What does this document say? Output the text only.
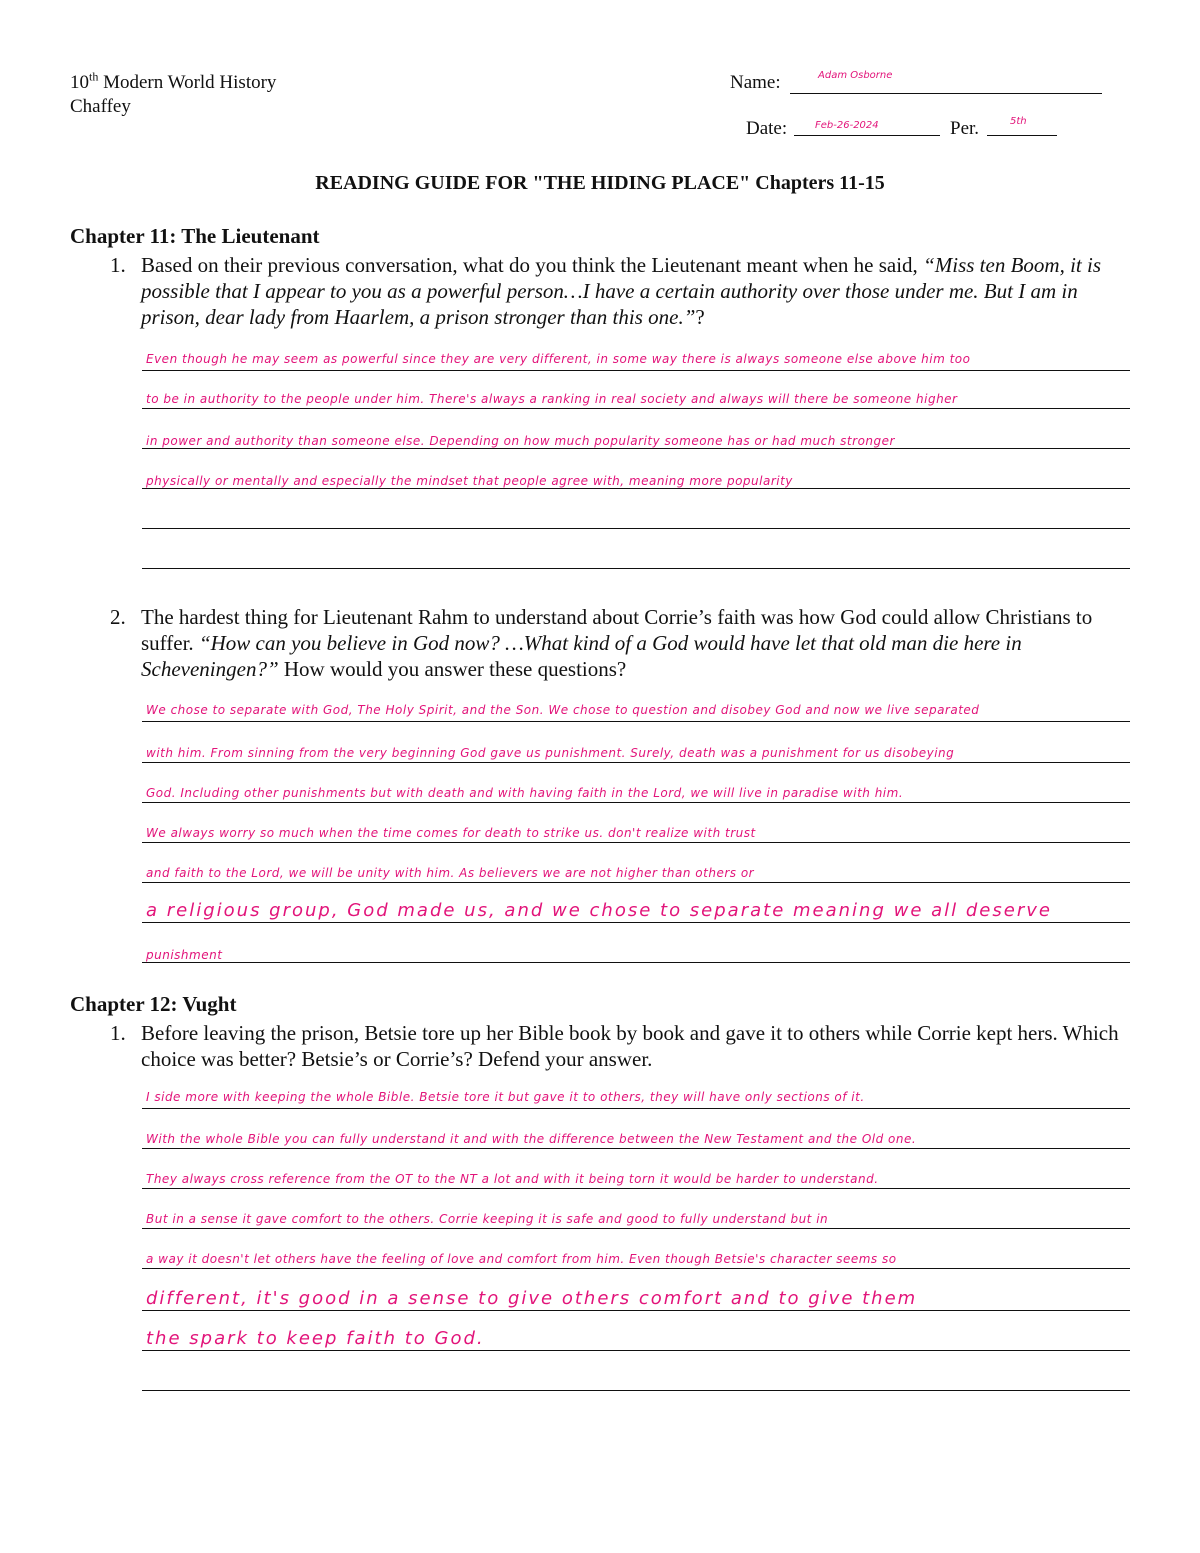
10th Modern World History
Chaffey
Name:	Adam Osborne
Date:	Feb-26-2024	Per.	5th
READING GUIDE FOR "THE HIDING PLACE" Chapters 11-15
Chapter 11: The Lieutenant
1. Based on their previous conversation, what do you think the Lieutenant meant when he said, “Miss ten Boom, it is possible that I appear to you as a powerful person…I have a certain authority over those under me. But I am in prison, dear lady from Haarlem, a prison stronger than this one.”?
Even though he may seem as powerful since they are very different, in some way there is always someone else above him too
to be in authority to the people under him. There's always a ranking in real society and always will there be someone higher
in power and authority than someone else. Depending on how much popularity someone has or had much stronger
physically or mentally and especially the mindset that people agree with, meaning more popularity
2. The hardest thing for Lieutenant Rahm to understand about Corrie’s faith was how God could allow Christians to suffer. “How can you believe in God now? …What kind of a God would have let that old man die here in Scheveningen?” How would you answer these questions?
We chose to separate with God, The Holy Spirit, and the Son. We chose to question and disobey God and now we live separated
with him. From sinning from the very beginning God gave us punishment. Surely, death was a punishment for us disobeying
God. Including other punishments but with death and with having faith in the Lord, we will live in paradise with him.
We always worry so much when the time comes for death to strike us. don't realize with trust
and faith to the Lord, we will be unity with him. As believers we are not higher than others or
a religious group, God made us, and we chose to separate meaning we all deserve
punishment
Chapter 12: Vught
1. Before leaving the prison, Betsie tore up her Bible book by book and gave it to others while Corrie kept hers. Which choice was better? Betsie’s or Corrie’s? Defend your answer.
I side more with keeping the whole Bible. Betsie tore it but gave it to others, they will have only sections of it.
With the whole Bible you can fully understand it and with the difference between the New Testament and the Old one.
They always cross reference from the OT to the NT a lot and with it being torn it would be harder to understand.
But in a sense it gave comfort to the others. Corrie keeping it is safe and good to fully understand but in
a way it doesn't let others have the feeling of love and comfort from him. Even though Betsie's character seems so
different, it's good in a sense to give others comfort and to give them
the spark to keep faith to God.
